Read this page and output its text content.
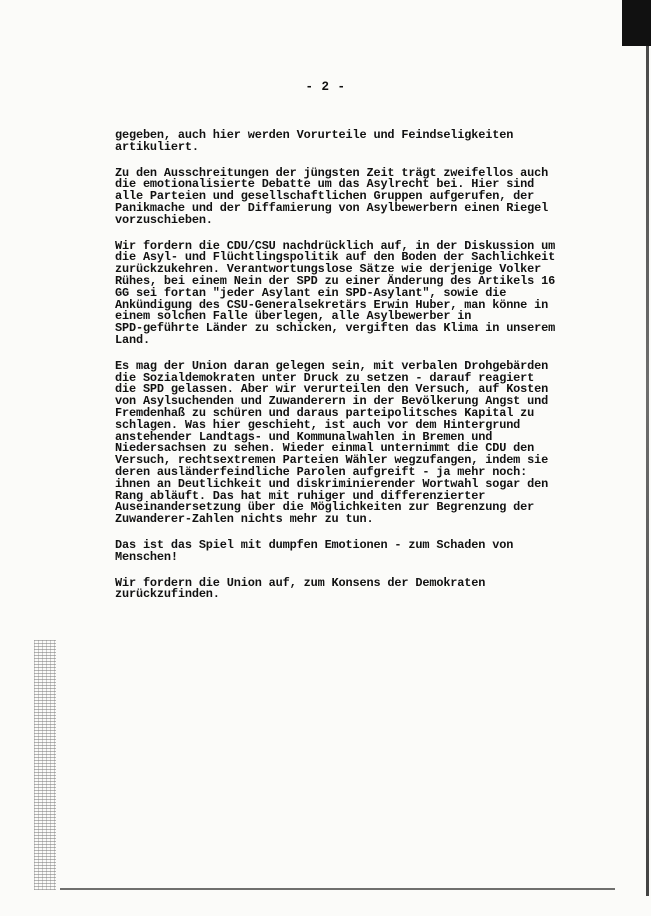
- 2 -

gegeben, auch hier werden Vorurteile und Feindseligkeiten
artikuliert.

Zu den Ausschreitungen der jüngsten Zeit trägt zweifellos auch
die emotionalisierte Debatte um das Asylrecht bei. Hier sind
alle Parteien und gesellschaftlichen Gruppen aufgerufen, der
Panikmache und der Diffamierung von Asylbewerbern einen Riegel
vorzuschieben.

Wir fordern die CDU/CSU nachdrücklich auf, in der Diskussion um
die Asyl- und Flüchtlingspolitik auf den Boden der Sachlichkeit
zurückzukehren. Verantwortungslose Sätze wie derjenige Volker
Rühes, bei einem Nein der SPD zu einer Änderung des Artikels 16
GG sei fortan "jeder Asylant ein SPD-Asylant", sowie die
Ankündigung des CSU-Generalsekretärs Erwin Huber, man könne in
einem solchen Falle überlegen, alle Asylbewerber in
SPD-geführte Länder zu schicken, vergiften das Klima in unserem
Land.

Es mag der Union daran gelegen sein, mit verbalen Drohgebärden
die Sozialdemokraten unter Druck zu setzen - darauf reagiert
die SPD gelassen. Aber wir verurteilen den Versuch, auf Kosten
von Asylsuchenden und Zuwanderern in der Bevölkerung Angst und
Fremdenhaß zu schüren und daraus parteipolitsches Kapital zu
schlagen. Was hier geschieht, ist auch vor dem Hintergrund
anstehender Landtags- und Kommunalwahlen in Bremen und
Niedersachsen zu sehen. Wieder einmal unternimmt die CDU den
Versuch, rechtsextremen Parteien Wähler wegzufangen, indem sie
deren ausländerfeindliche Parolen aufgreift - ja mehr noch:
ihnen an Deutlichkeit und diskriminierender Wortwahl sogar den
Rang abläuft. Das hat mit ruhiger und differenzierter
Auseinandersetzung über die Möglichkeiten zur Begrenzung der
Zuwanderer-Zahlen nichts mehr zu tun.

Das ist das Spiel mit dumpfen Emotionen - zum Schaden von
Menschen!

Wir fordern die Union auf, zum Konsens der Demokraten
zurückzufinden.
